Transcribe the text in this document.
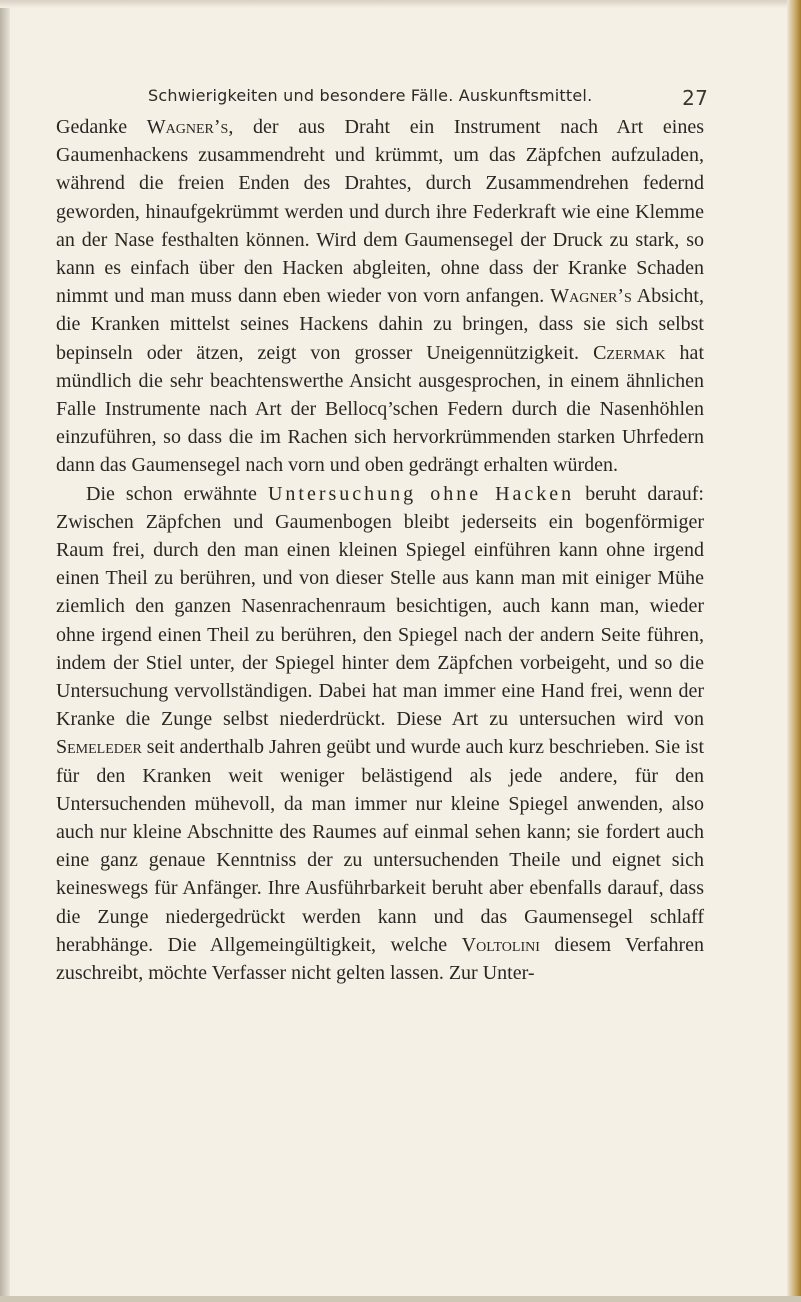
Schwierigkeiten und besondere Fälle. Auskunftsmittel.	27

Gedanke Wagner’s, der aus Draht ein Instrument nach Art eines Gaumenhackens zusammendreht und krümmt, um das Zäpfchen aufzuladen, während die freien Enden des Drahtes, durch Zusammendrehen federnd geworden, hinaufgekrümmt werden und durch ihre Federkraft wie eine Klemme an der Nase festhalten können. Wird dem Gaumensegel der Druck zu stark, so kann es einfach über den Hacken abgleiten, ohne dass der Kranke Schaden nimmt und man muss dann eben wieder von vorn anfangen. Wagner’s Absicht, die Kranken mittelst seines Hackens dahin zu bringen, dass sie sich selbst bepinseln oder ätzen, zeigt von grosser Uneigennützigkeit. Czermak hat mündlich die sehr beachtenswerthe Ansicht ausgesprochen, in einem ähnlichen Falle Instrumente nach Art der Bellocq’schen Federn durch die Nasenhöhlen einzuführen, so dass die im Rachen sich hervorkrümmenden starken Uhrfedern dann das Gaumensegel nach vorn und oben gedrängt erhalten würden.

Die schon erwähnte Untersuchung ohne Hacken beruht darauf: Zwischen Zäpfchen und Gaumenbogen bleibt jederseits ein bogenförmiger Raum frei, durch den man einen kleinen Spiegel einführen kann ohne irgend einen Theil zu berühren, und von dieser Stelle aus kann man mit einiger Mühe ziemlich den ganzen Nasenrachenraum besichtigen, auch kann man, wieder ohne irgend einen Theil zu berühren, den Spiegel nach der andern Seite führen, indem der Stiel unter, der Spiegel hinter dem Zäpfchen vorbeigeht, und so die Untersuchung vervollständigen. Dabei hat man immer eine Hand frei, wenn der Kranke die Zunge selbst niederdrückt. Diese Art zu untersuchen wird von Semeleder seit anderthalb Jahren geübt und wurde auch kurz beschrieben. Sie ist für den Kranken weit weniger belästigend als jede andere, für den Untersuchenden mühevoll, da man immer nur kleine Spiegel anwenden, also auch nur kleine Abschnitte des Raumes auf einmal sehen kann; sie fordert auch eine ganz genaue Kenntniss der zu untersuchenden Theile und eignet sich keineswegs für Anfänger. Ihre Ausführbarkeit beruht aber ebenfalls darauf, dass die Zunge niedergedrückt werden kann und das Gaumensegel schlaff herabhänge. Die Allgemeingültigkeit, welche Voltolini diesem Verfahren zuschreibt, möchte Verfasser nicht gelten lassen. Zur Unter-
